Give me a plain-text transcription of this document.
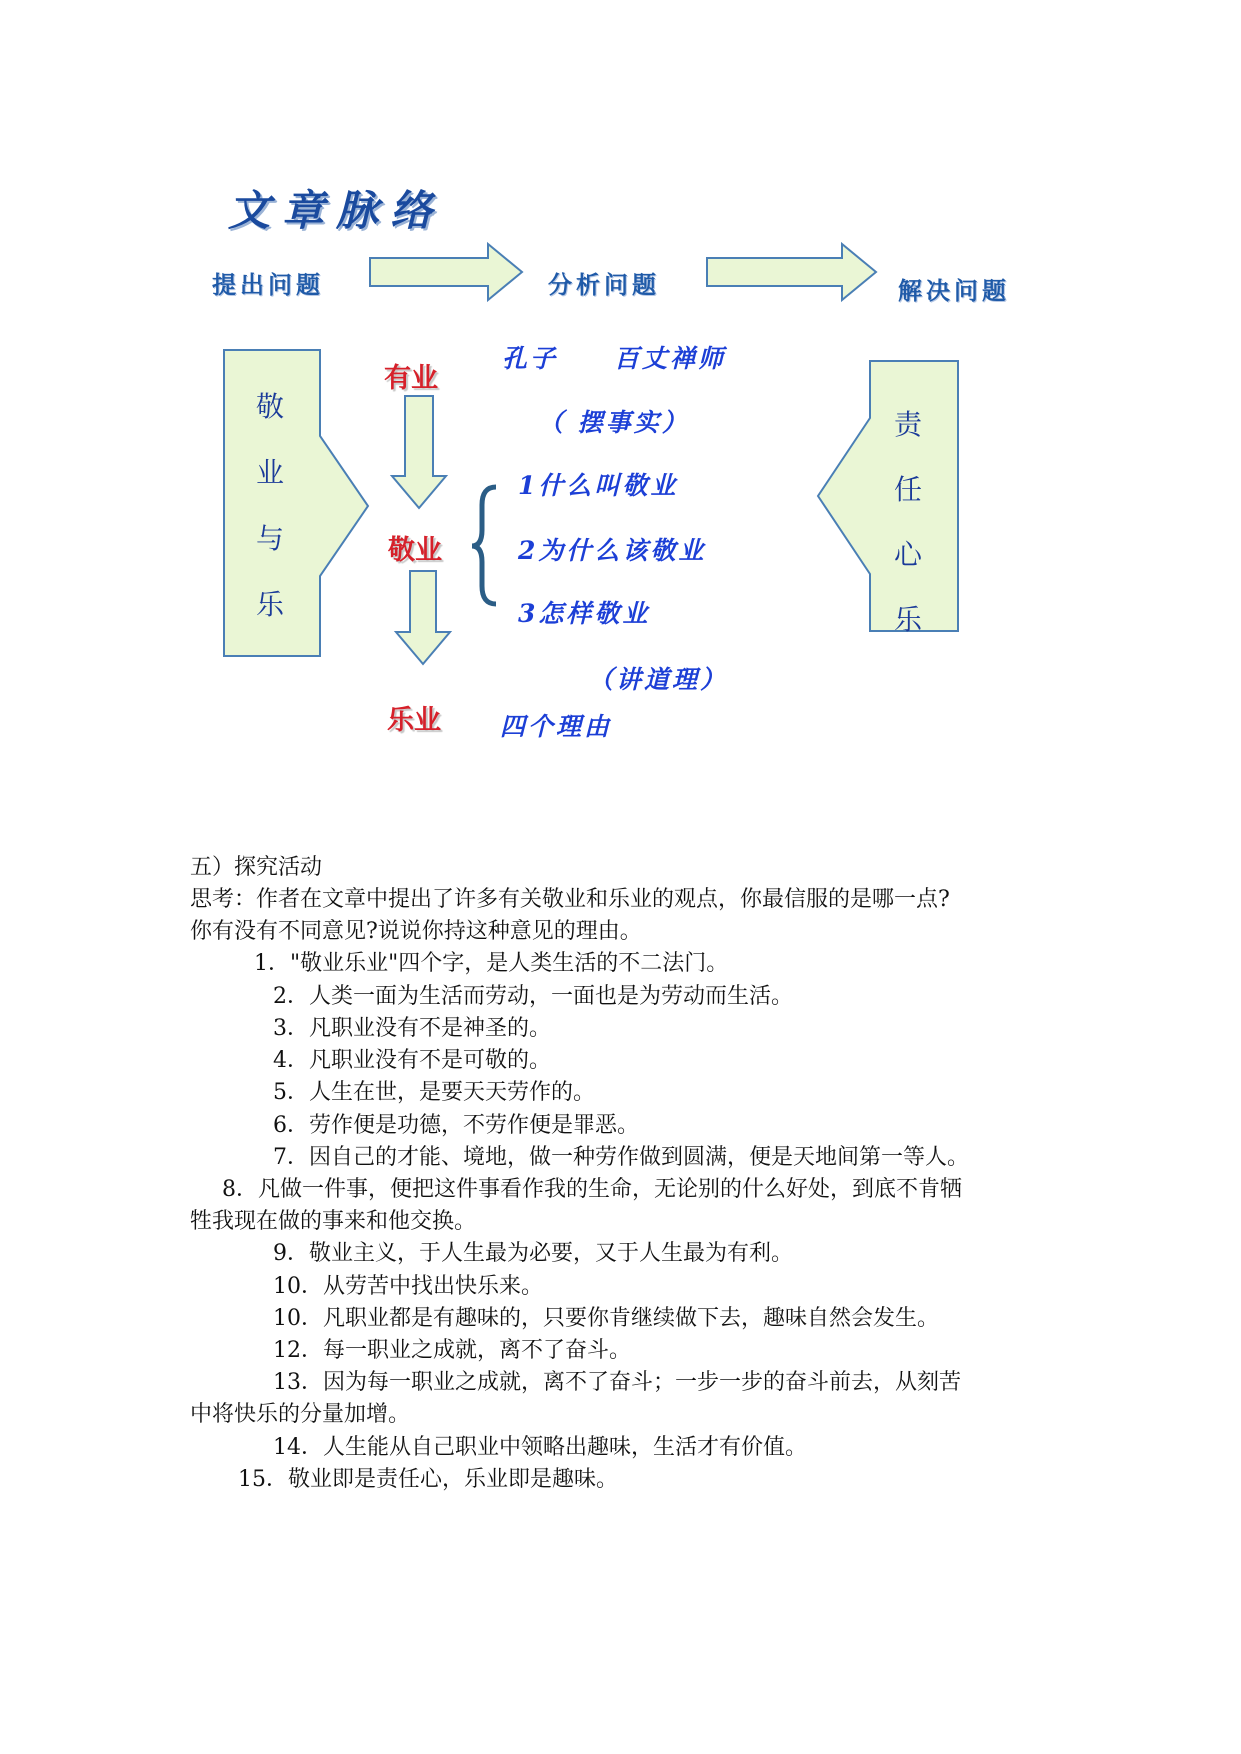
文章脉络
提出问题	分析问题	解决问题
敬
业
与
乐
责
任
心
乐
有业
敬业
乐业
孔子　　百丈禅师
（ 摆事实）
1什么叫敬业
2为什么该敬业
3怎样敬业
（讲道理）
四个理由
五）探究活动
思考：作者在文章中提出了许多有关敬业和乐业的观点，你最信服的是哪一点?
你有没有不同意见?说说你持这种意见的理由。
1．"敬业乐业"四个字，是人类生活的不二法门。
2．人类一面为生活而劳动，一面也是为劳动而生活。
3．凡职业没有不是神圣的。
4．凡职业没有不是可敬的。
5．人生在世，是要天天劳作的。
6．劳作便是功德，不劳作便是罪恶。
7．因自己的才能、境地，做一种劳作做到圆满，便是天地间第一等人。
8．凡做一件事，便把这件事看作我的生命，无论别的什么好处，到底不肯牺
牲我现在做的事来和他交换。
9．敬业主义，于人生最为必要，又于人生最为有利。
10．从劳苦中找出快乐来。
10．凡职业都是有趣味的，只要你肯继续做下去，趣味自然会发生。
12．每一职业之成就，离不了奋斗。
13．因为每一职业之成就，离不了奋斗；一步一步的奋斗前去，从刻苦
中将快乐的分量加增。
14．人生能从自己职业中领略出趣味，生活才有价值。
15．敬业即是责任心，乐业即是趣味。
